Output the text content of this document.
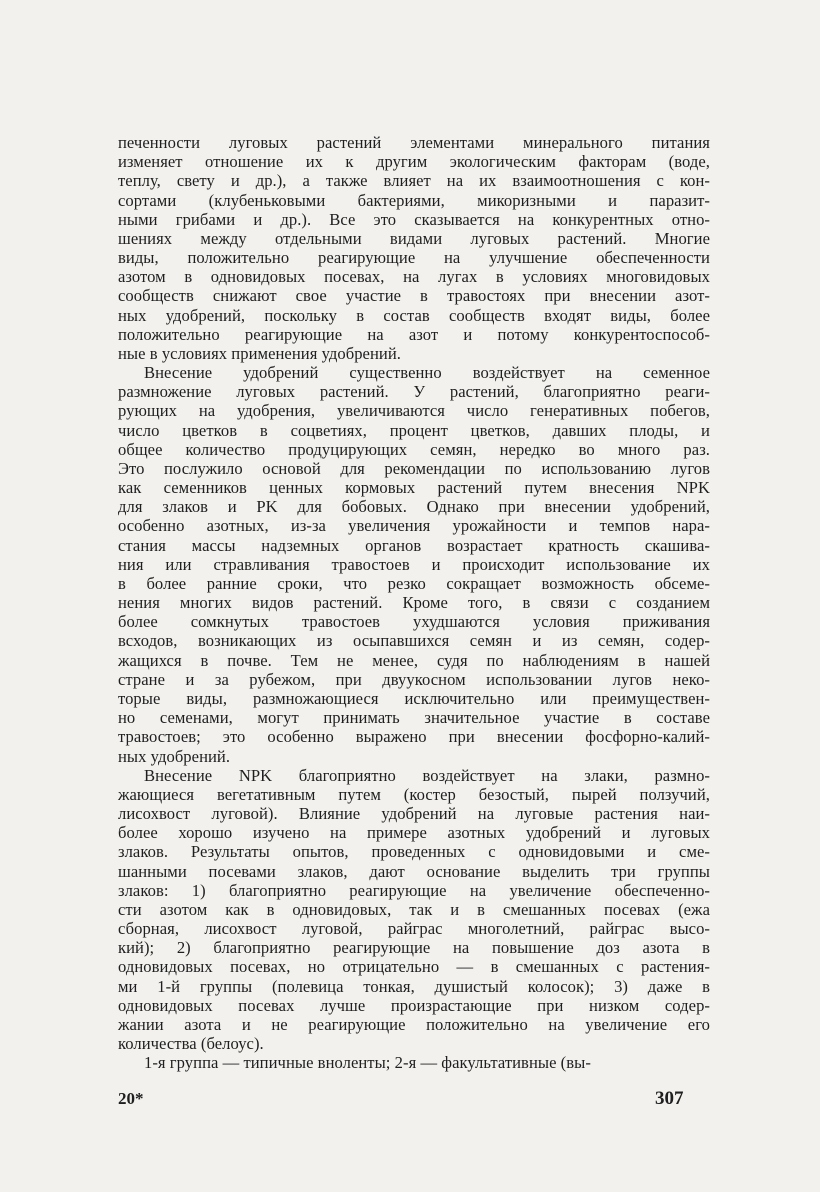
печенности луговых растений элементами минерального питания
изменяет отношение их к другим экологическим факторам (воде,
теплу, свету и др.), а также влияет на их взаимоотношения с кон-
сортами (клубеньковыми бактериями, микоризными и паразит-
ными грибами и др.). Все это сказывается на конкурентных отно-
шениях между отдельными видами луговых растений. Многие
виды, положительно реагирующие на улучшение обеспеченности
азотом в одновидовых посевах, на лугах в условиях многовидовых
сообществ снижают свое участие в травостоях при внесении азот-
ных удобрений, поскольку в состав сообществ входят виды, более
положительно реагирующие на азот и потому конкурентоспособ-
ные в условиях применения удобрений.
Внесение удобрений существенно воздействует на семенное
размножение луговых растений. У растений, благоприятно реаги-
рующих на удобрения, увеличиваются число генеративных побегов,
число цветков в соцветиях, процент цветков, давших плоды, и
общее количество продуцирующих семян, нередко во много раз.
Это послужило основой для рекомендации по использованию лугов
как семенников ценных кормовых растений путем внесения NPK
для злаков и PK для бобовых. Однако при внесении удобрений,
особенно азотных, из-за увеличения урожайности и темпов нара-
стания массы надземных органов возрастает кратность скашива-
ния или стравливания травостоев и происходит использование их
в более ранние сроки, что резко сокращает возможность обсеме-
нения многих видов растений. Кроме того, в связи с созданием
более сомкнутых травостоев ухудшаются условия приживания
всходов, возникающих из осыпавшихся семян и из семян, содер-
жащихся в почве. Тем не менее, судя по наблюдениям в нашей
стране и за рубежом, при двуукосном использовании лугов неко-
торые виды, размножающиеся исключительно или преимуществен-
но семенами, могут принимать значительное участие в составе
травостоев; это особенно выражено при внесении фосфорно-калий-
ных удобрений.
Внесение NPK благоприятно воздействует на злаки, размно-
жающиеся вегетативным путем (костер безостый, пырей ползучий,
лисохвост луговой). Влияние удобрений на луговые растения наи-
более хорошо изучено на примере азотных удобрений и луговых
злаков. Результаты опытов, проведенных с одновидовыми и сме-
шанными посевами злаков, дают основание выделить три группы
злаков: 1) благоприятно реагирующие на увеличение обеспеченно-
сти азотом как в одновидовых, так и в смешанных посевах (ежа
сборная, лисохвост луговой, райграс многолетний, райграс высо-
кий); 2) благоприятно реагирующие на повышение доз азота в
одновидовых посевах, но отрицательно — в смешанных с растения-
ми 1-й группы (полевица тонкая, душистый колосок); 3) даже в
одновидовых посевах лучше произрастающие при низком содер-
жании азота и не реагирующие положительно на увеличение его
количества (белоус).
1-я группа — типичные вноленты; 2-я — факультативные (вы-
20*	307
